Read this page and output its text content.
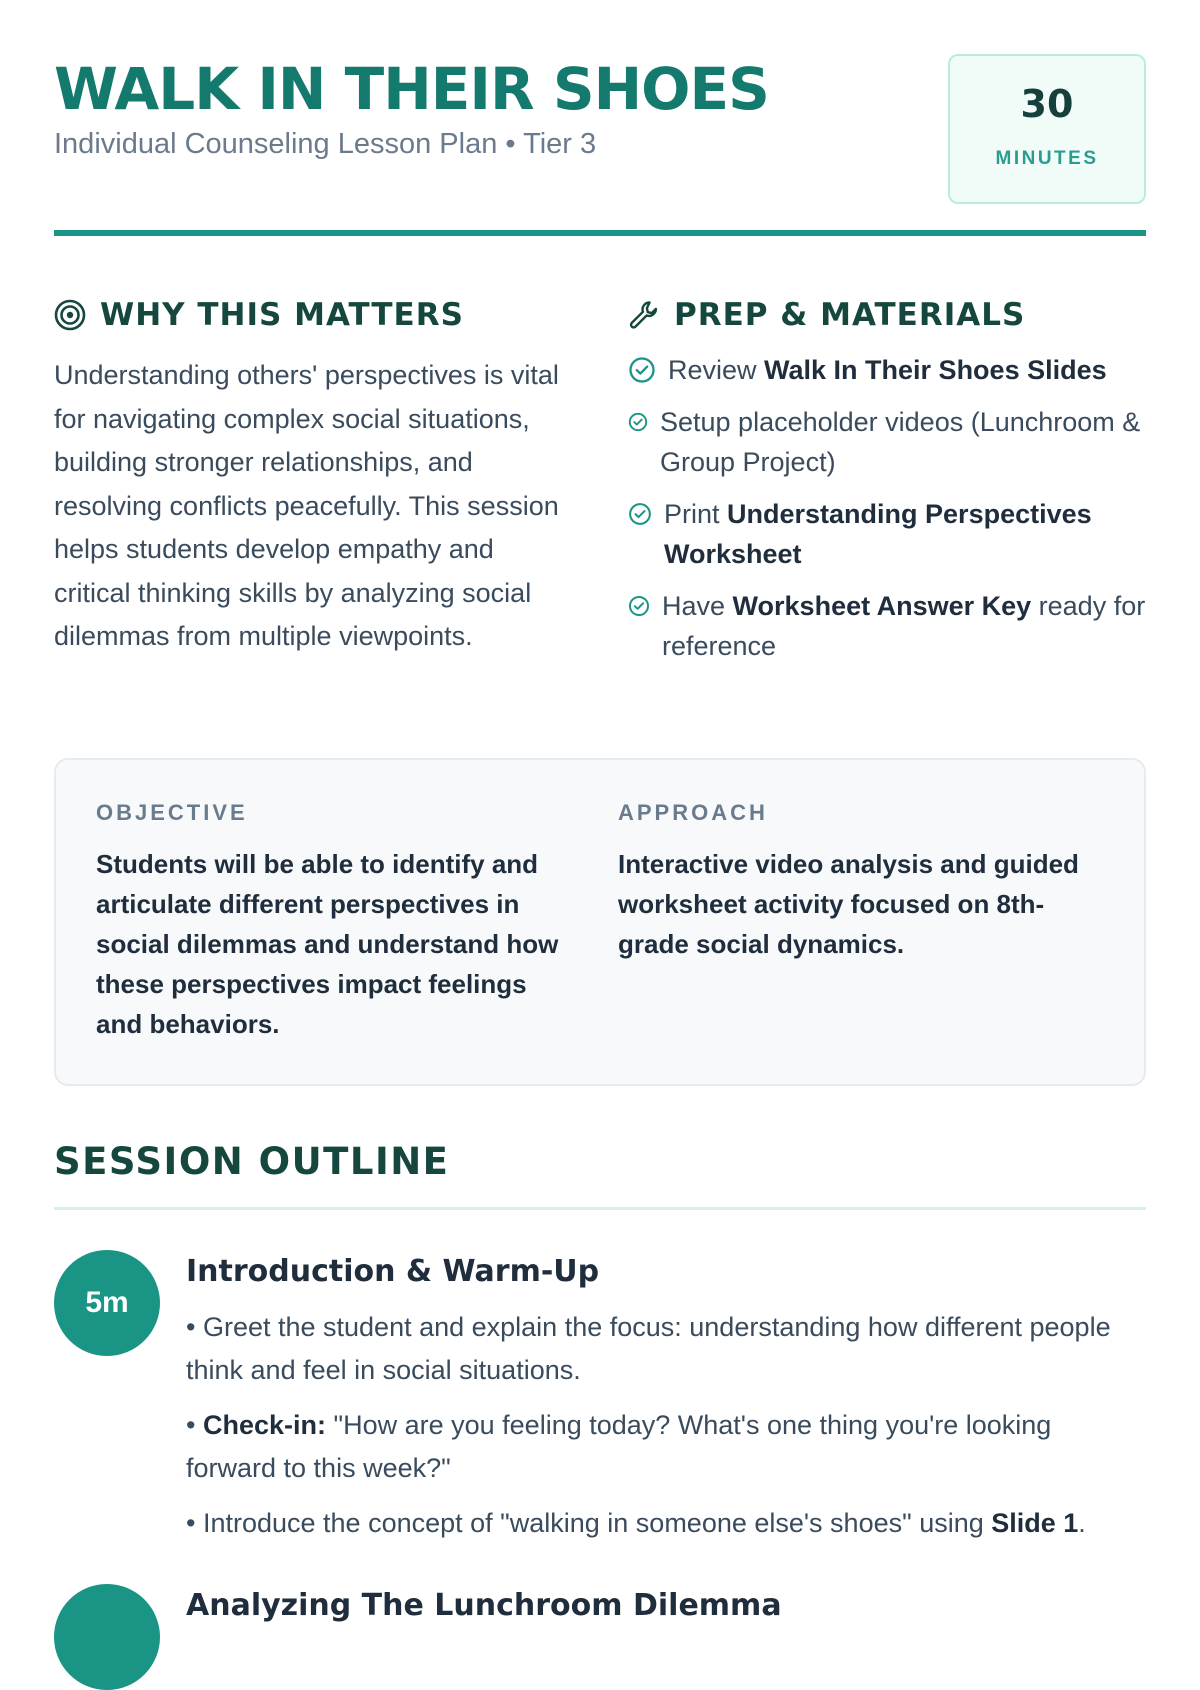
WALK IN THEIR SHOES
Individual Counseling Lesson Plan • Tier 3
30
MINUTES
WHY THIS MATTERS

Understanding others' perspectives is vital for navigating complex social situations, building stronger relationships, and resolving conflicts peacefully. This session helps students develop empathy and critical thinking skills by analyzing social dilemmas from multiple viewpoints.

PREP & MATERIALS
Review Walk In Their Shoes Slides
Setup placeholder videos (Lunchroom & Group Project)
Print Understanding Perspectives Worksheet
Have Worksheet Answer Key ready for reference
OBJECTIVE
Students will be able to identify and articulate different perspectives in social dilemmas and understand how these perspectives impact feelings and behaviors.
APPROACH
Interactive video analysis and guided worksheet activity focused on 8th-grade social dynamics.
SESSION OUTLINE
5m
Introduction & Warm-Up

• Greet the student and explain the focus: understanding how different people think and feel in social situations.

• Check-in: "How are you feeling today? What's one thing you're looking forward to this week?"

• Introduce the concept of "walking in someone else's shoes" using Slide 1.

Analyzing The Lunchroom Dilemma
